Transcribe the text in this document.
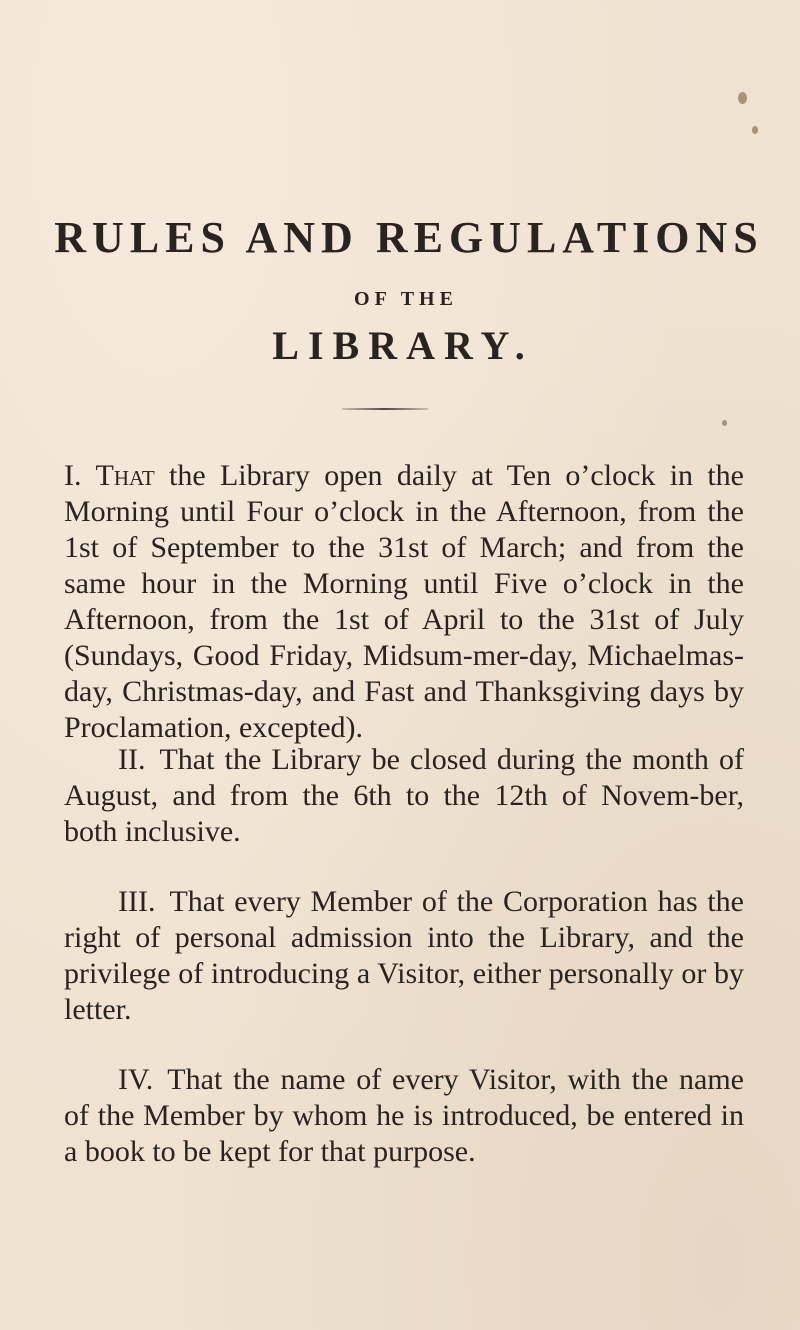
RULES AND REGULATIONS
OF THE
LIBRARY.

I. That the Library open daily at Ten o’clock in the Morning until Four o’clock in the Afternoon, from the 1st of September to the 31st of March; and from the same hour in the Morning until Five o’clock in the Afternoon, from the 1st of April to the 31st of July (Sundays, Good Friday, Midsum-mer-day, Michaelmas-day, Christmas-day, and Fast and Thanksgiving days by Proclamation, excepted).

II. That the Library be closed during the month of August, and from the 6th to the 12th of Novem-ber, both inclusive.

III. That every Member of the Corporation has the right of personal admission into the Library, and the privilege of introducing a Visitor, either personally or by letter.

IV. That the name of every Visitor, with the name of the Member by whom he is introduced, be entered in a book to be kept for that purpose.
